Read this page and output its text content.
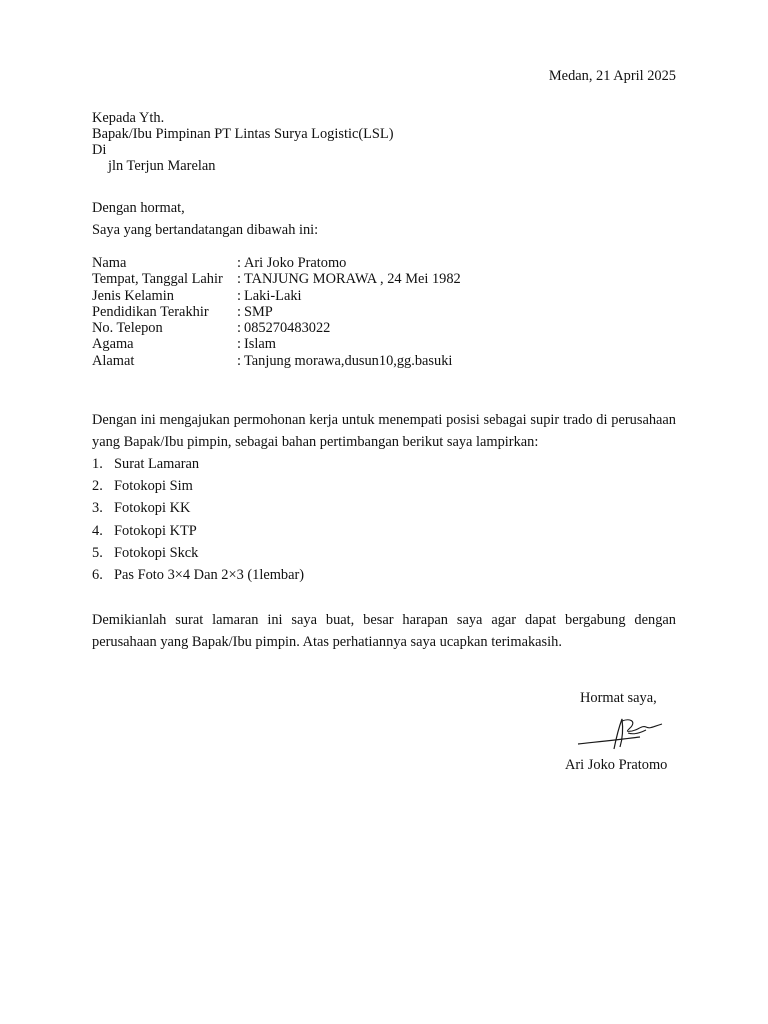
Medan, 21 April 2025
Kepada Yth.
Bapak/Ibu Pimpinan PT Lintas Surya Logistic(LSL)
Di
jln Terjun Marelan
Dengan hormat,
Saya yang bertandatangan dibawah ini:
Nama	: Ari Joko Pratomo
Tempat, Tanggal Lahir : TANJUNG MORAWA , 24 Mei 1982
Jenis Kelamin	: Laki-Laki
Pendidikan Terakhir	: SMP
No. Telepon	: 085270483022
Agama	: Islam
Alamat	: Tanjung morawa,dusun10,gg.basuki

Dengan ini mengajukan permohonan kerja untuk menempati posisi sebagai supir trado di perusahaan yang Bapak/Ibu pimpin, sebagai bahan pertimbangan berikut saya lampirkan:

1. Surat Lamaran
2. Fotokopi Sim
3. Fotokopi KK
4. Fotokopi KTP
5. Fotokopi Skck
6. Pas Foto 3×4 Dan 2×3 (1lembar)

Demikianlah surat lamaran ini saya buat, besar harapan saya agar dapat bergabung dengan perusahaan yang Bapak/Ibu pimpin. Atas perhatiannya saya ucapkan terimakasih.

Hormat saya,
Ari Joko Pratomo
